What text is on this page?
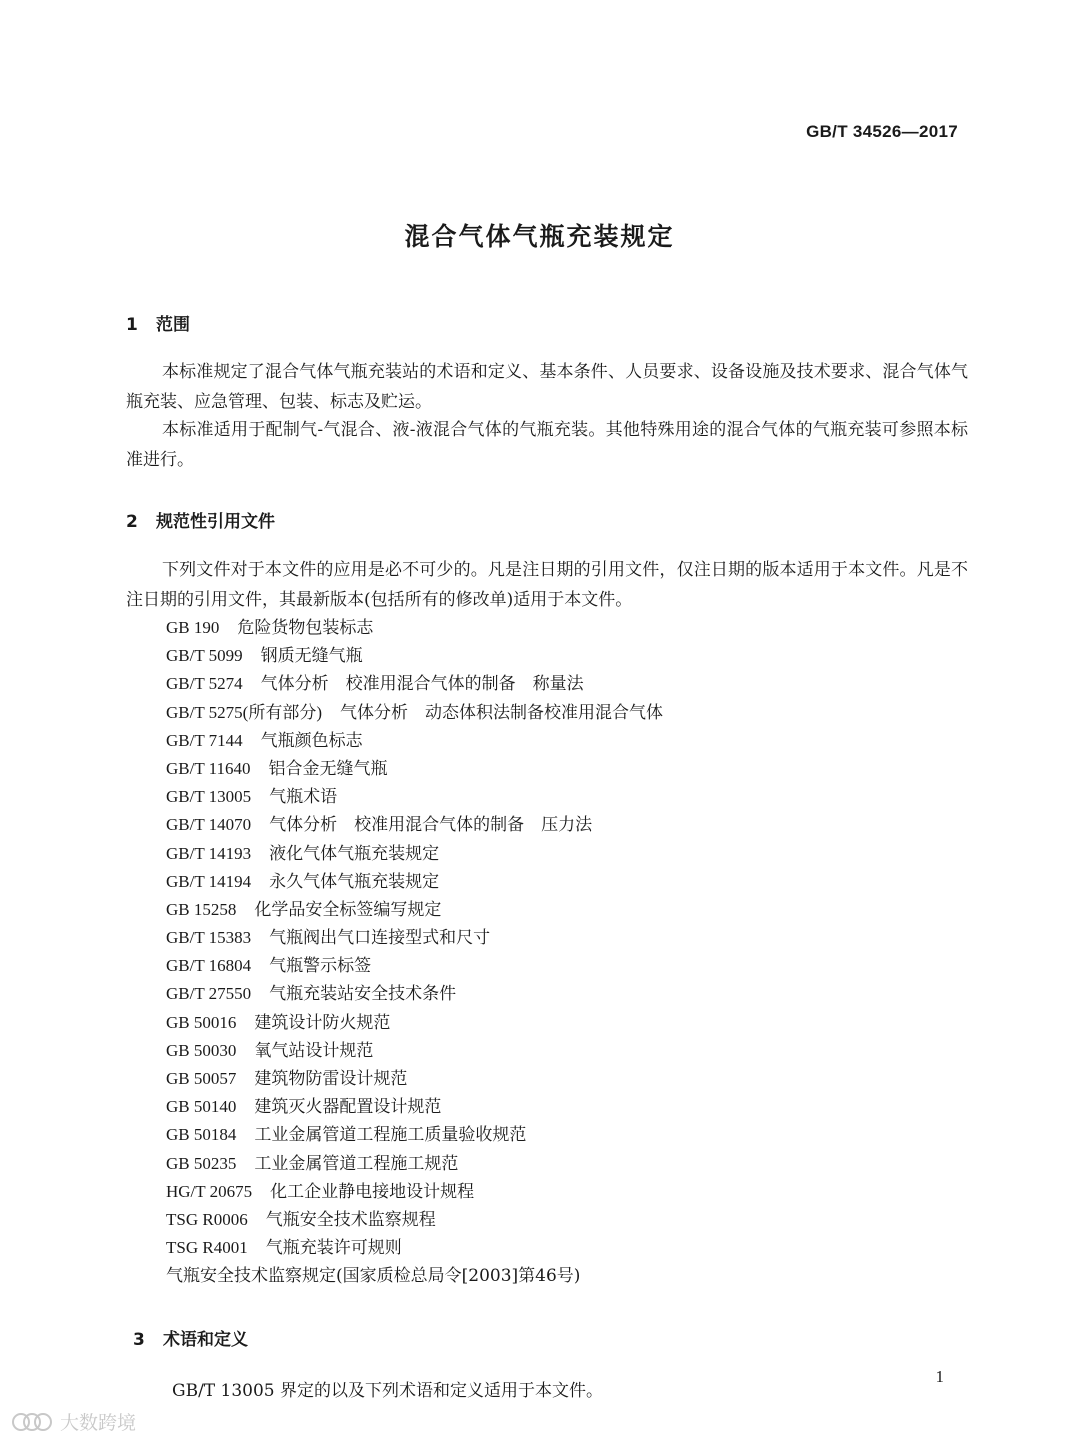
GB/T 34526—2017
混合气体气瓶充装规定
1 范围

本标准规定了混合气体气瓶充装站的术语和定义、基本条件、人员要求、设备设施及技术要求、混合气体气瓶充装、应急管理、包装、标志及贮运。

本标准适用于配制气-气混合、液-液混合气体的气瓶充装。其他特殊用途的混合气体的气瓶充装可参照本标准进行。

2 规范性引用文件

下列文件对于本文件的应用是必不可少的。凡是注日期的引用文件，仅注日期的版本适用于本文件。凡是不注日期的引用文件，其最新版本(包括所有的修改单)适用于本文件。

GB 190 危险货物包装标志
GB/T 5099 钢质无缝气瓶
GB/T 5274 气体分析　校准用混合气体的制备　称量法
GB/T 5275(所有部分) 气体分析　动态体积法制备校准用混合气体
GB/T 7144 气瓶颜色标志
GB/T 11640 铝合金无缝气瓶
GB/T 13005 气瓶术语
GB/T 14070 气体分析　校准用混合气体的制备　压力法
GB/T 14193 液化气体气瓶充装规定
GB/T 14194 永久气体气瓶充装规定
GB 15258 化学品安全标签编写规定
GB/T 15383 气瓶阀出气口连接型式和尺寸
GB/T 16804 气瓶警示标签
GB/T 27550 气瓶充装站安全技术条件
GB 50016 建筑设计防火规范
GB 50030 氧气站设计规范
GB 50057 建筑物防雷设计规范
GB 50140 建筑灭火器配置设计规范
GB 50184 工业金属管道工程施工质量验收规范
GB 50235 工业金属管道工程施工规范
HG/T 20675 化工企业静电接地设计规程
TSG R0006 气瓶安全技术监察规程
TSG R4001 气瓶充装许可规则
气瓶安全技术监察规定(国家质检总局令[2003]第46号)
3 术语和定义

GB/T 13005 界定的以及下列术语和定义适用于本文件。

1
大数跨境
